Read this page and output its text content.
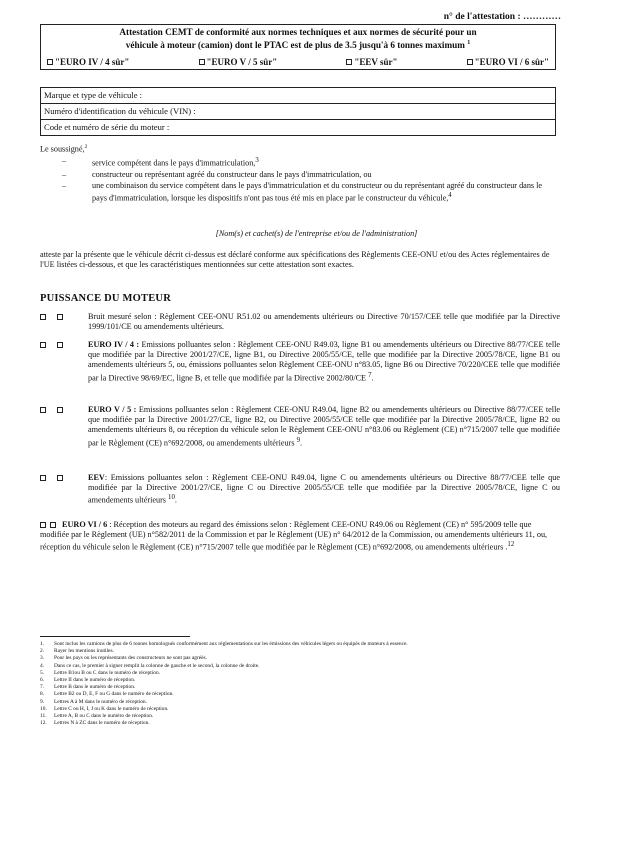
n° de l'attestation : …………
Attestation CEMT de conformité aux normes techniques et aux normes de sécurité pour un
véhicule à moteur (camion) dont le PTAC est de plus de 3.5 jusqu'à 6 tonnes maximum $^1$
"EURO IV / 4 sûr"	"EURO V / 5 sûr"	"EEV sûr"	"EURO VI / 6 sûr"
Marque et type de véhicule :
Numéro d'identification du véhicule (VIN) :
Code et numéro de série du moteur :
Le soussigné,$^2$
–	service compétent dans le pays d'immatriculation,$^3$
–	constructeur ou représentant agréé du constructeur dans le pays d'immatriculation, ou
–	une combinaison du service compétent dans le pays d'immatriculation et du constructeur ou du représentant agréé du constructeur dans le pays d'immatriculation, lorsque les dispositifs n'ont pas tous été mis en place par le constructeur du véhicule,$^4$
[Nom(s) et cachet(s) de l'entreprise et/ou de l'administration]
atteste par la présente que le véhicule décrit ci-dessus est déclaré conforme aux spécifications des Règlements CEE-ONU et/ou des Actes réglementaires de l'UE listées ci-dessous, et que les caractéristiques mentionnées sur cette attestation sont exactes.
PUISSANCE DU MOTEUR
Bruit mesuré selon : Règlement CEE-ONU R51.02 ou amendements ultérieurs ou Directive 70/157/CEE telle que modifiée par la Directive 1999/101/CE ou amendements ultérieurs.
EURO IV / 4 : Emissions polluantes selon : Règlement CEE-ONU R49.03, ligne B1 ou amendements ultérieurs ou Directive 88/77/CEE telle que modifiée par la Directive 2001/27/CE, ligne B1, ou Directive 2005/55/CE, telle que modifiée par la Directive 2005/78/CE, ligne B1 ou amendements ultérieurs 5, ou, émissions polluantes selon Règlement CEE-ONU n°83.05, ligne B6 ou Directive 70/220/CEE telle que modifiée par la Directive 98/69/EC, ligne B, et telle que modifiée par la Directive 2002/80/CE $^7$.
EURO V / 5 : Emissions polluantes selon : Règlement CEE-ONU R49.04, ligne B2 ou amendements ultérieurs ou Directive 88/77/CEE telle que modifiée par la Directive 2001/27/CE, ligne B2, ou Directive 2005/55/CE telle que modifiée par la Directive 2005/78/CE, ligne B2 ou amendements ultérieurs 8, ou réception du véhicule selon le Règlement CEE-ONU n°83.06 ou Règlement (CE) n°715/2007 telle que modifiée par le Règlement (CE) n°692/2008, ou amendements ultérieurs $^9$.
EEV: Emissions polluantes selon : Règlement CEE-ONU R49.04, ligne C ou amendements ultérieurs ou Directive 88/77/CEE telle que modifiée par la Directive 2001/27/CE, ligne C ou Directive 2005/55/CE telle que modifiée par la Directive 2005/78/CE, ligne C ou amendements ultérieurs $^{10}$.
EURO VI / 6 : Réception des moteurs au regard des émissions selon : Règlement CEE-ONU R49.06 ou Règlement (CE) n° 595/2009 telle que modifiée par le Règlement (UE) n°582/2011 de la Commission et par le Règlement (UE) n° 64/2012 de la Commission, ou amendements ultérieurs 11, ou, réception du véhicule selon le Règlement (CE) n°715/2007 telle que modifiée par le Règlement (CE) n°692/2008, ou amendements ultérieurs .$^{12}$
1.	Sont inclus les camions de plus de 6 tonnes homologués conformément aux réglementations sur les émissions des véhicules légers ou équipés de moteurs à essence.
2.	Rayer les mentions inutiles.
3.	Pour les pays ou les représentants des constructeurs ne sont pas agréés.
4.	Dans ce cas, le premier à signer remplit la colonne de gauche et le second, la colonne de droite.
5.	Lettre B1ou B ou C dans le numéro de réception.
6.	Lettre II dans le numéro de réception.
7.	Lettre B dans le numéro de réception.
8.	Lettre B2 ou D, E, F ou G dans le numéro de réception.
9.	Lettres A à M dans le numéro de réception.
10.	Lettre C ou H, I, J ou K dans le numéro de réception.
11.	Lettre A, B ou C dans le numéro de réception.
12.	Lettres N à ZC dans le numéro de réception.
